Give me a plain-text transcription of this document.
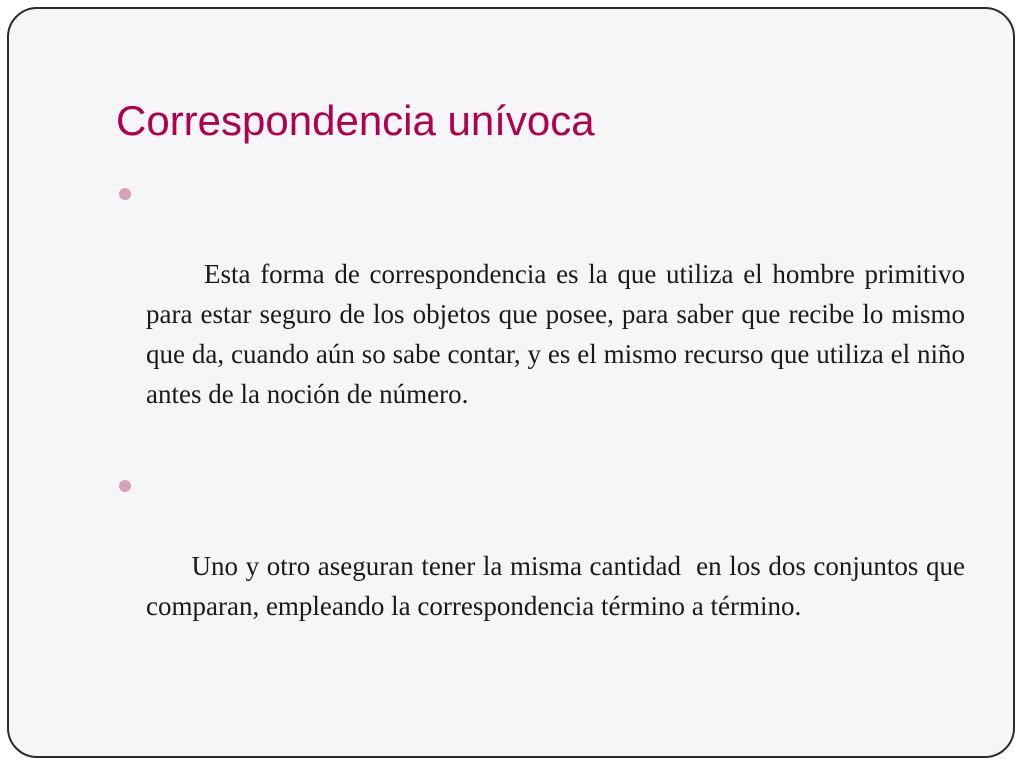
Correspondencia unívoca

Esta forma de correspondencia es la que utiliza el hombre primitivo para estar seguro de los objetos que posee, para saber que recibe lo mismo que da, cuando aún so sabe contar, y es el mismo recurso que utiliza el niño antes de la noción de número.

Uno y otro aseguran tener la misma cantidad  en los dos conjuntos que comparan, empleando la correspondencia término a término.
